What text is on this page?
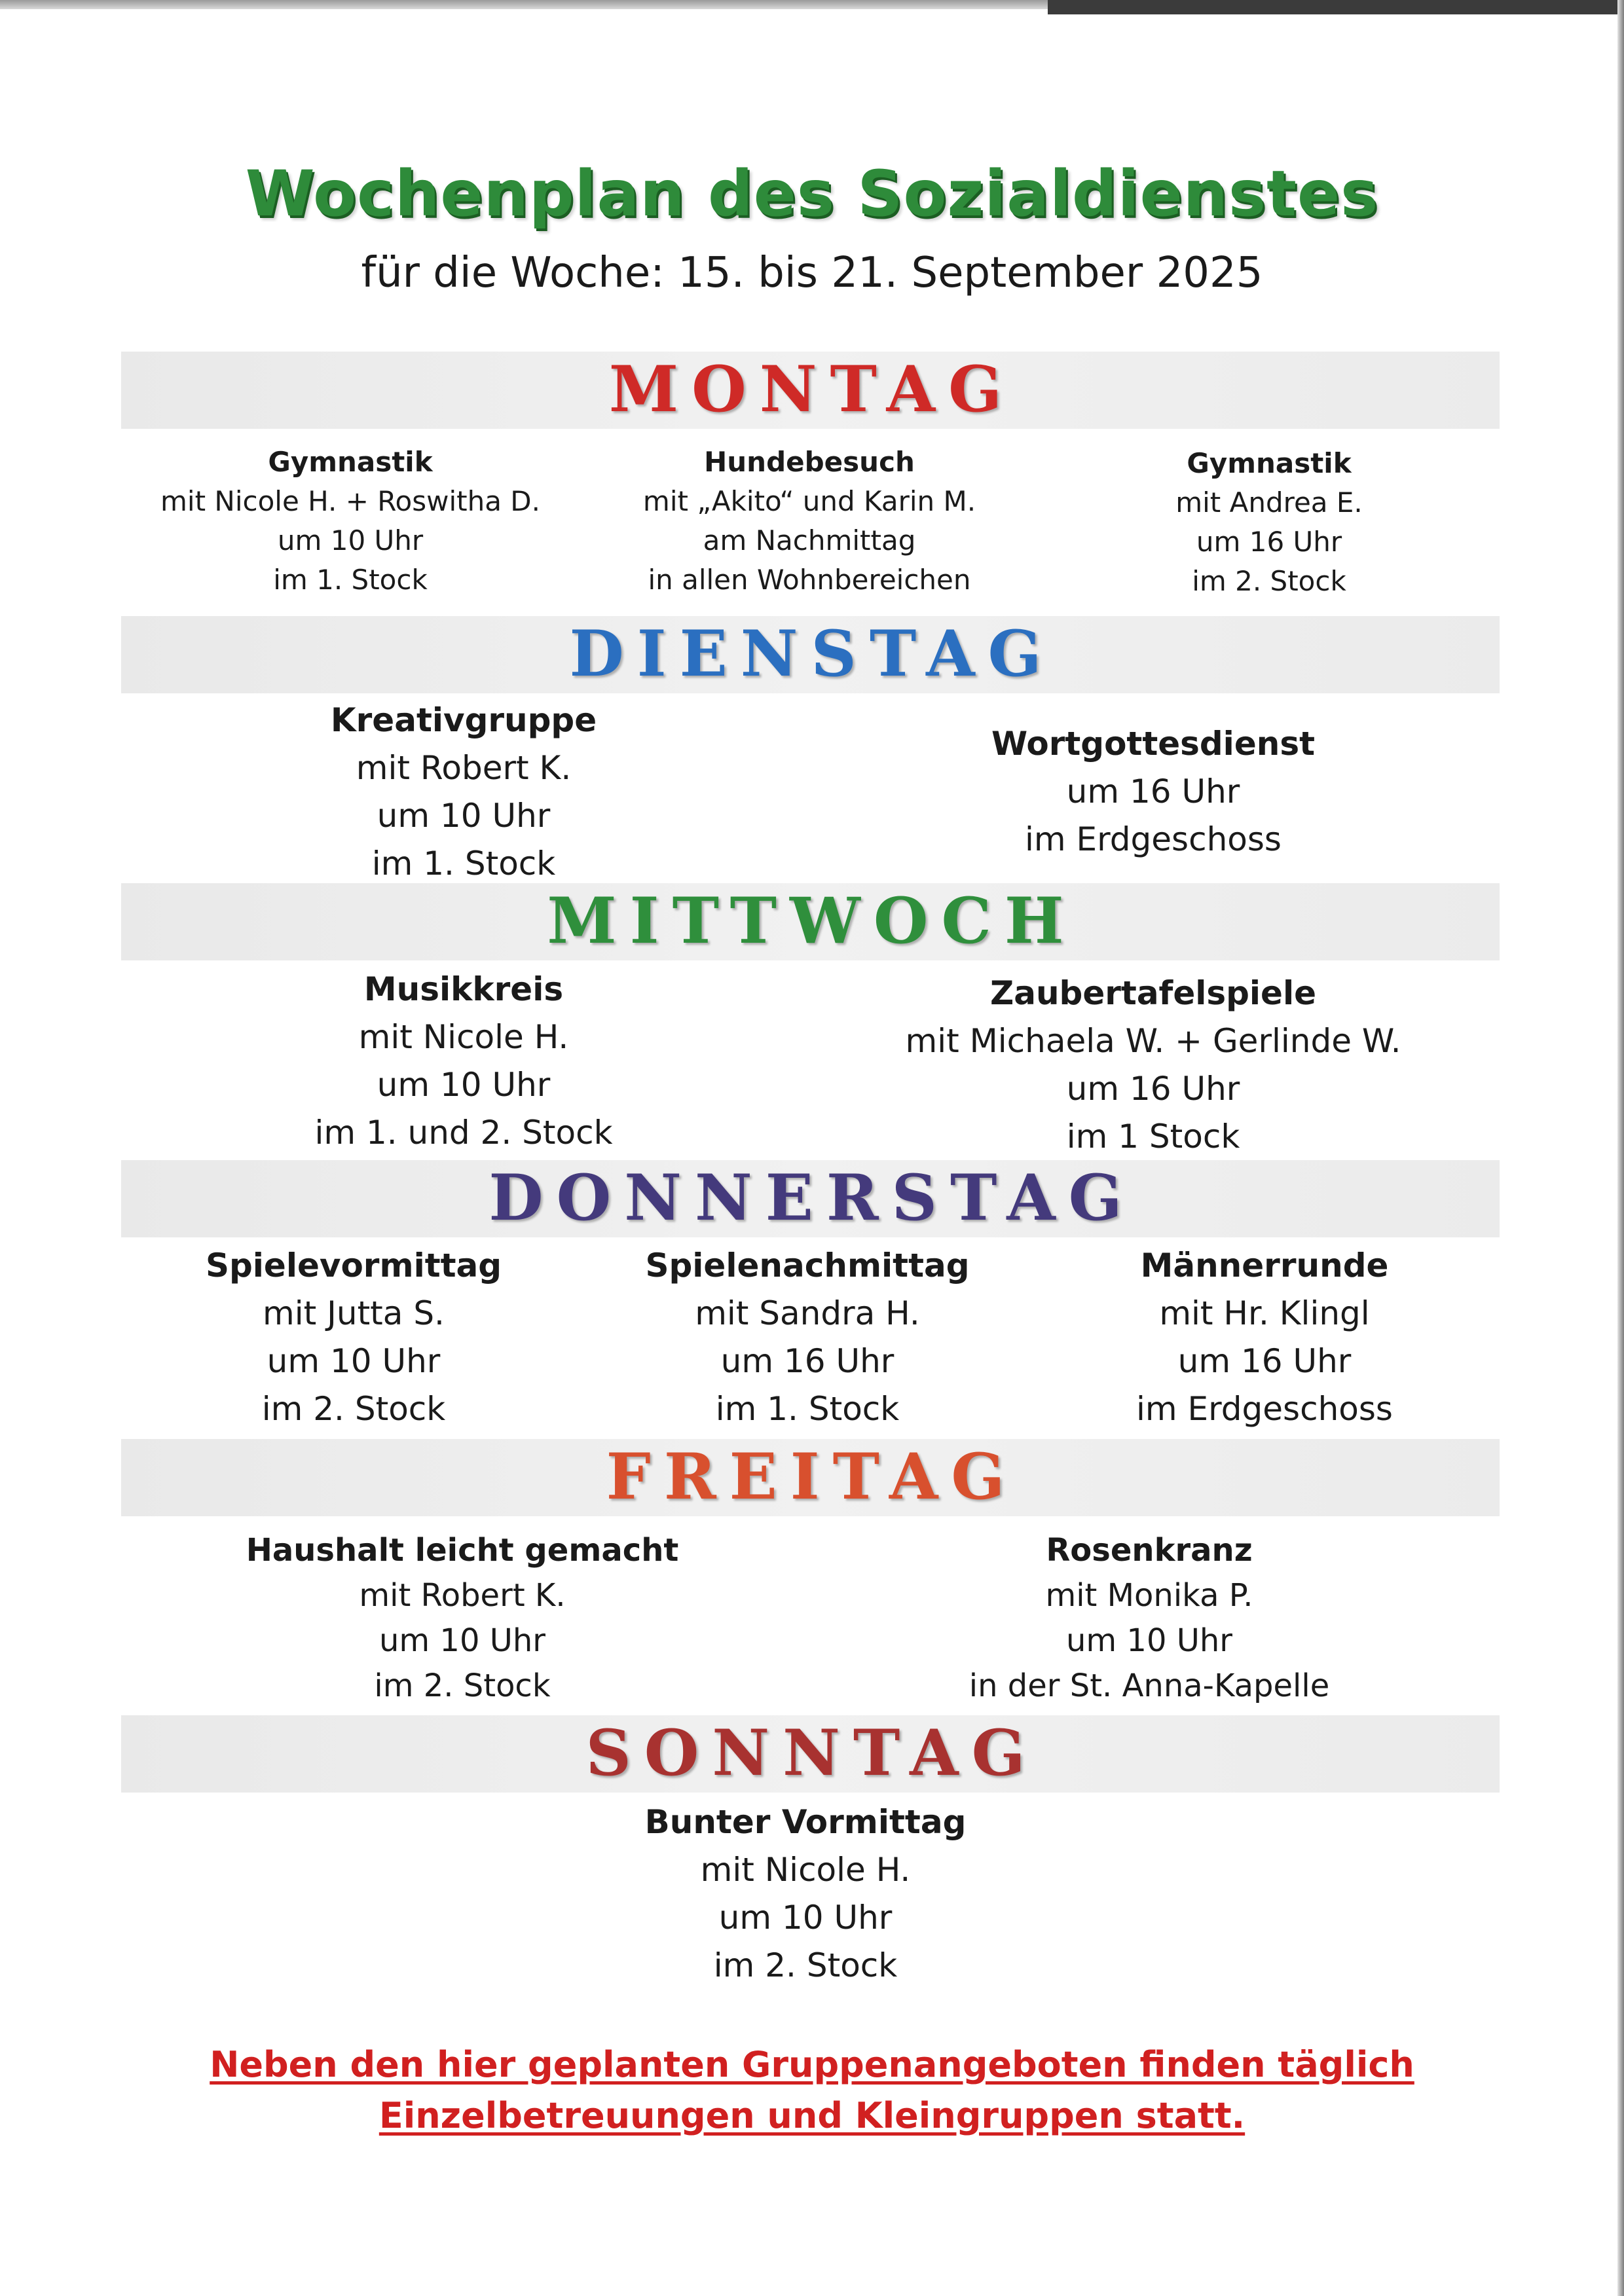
Wochenplan des Sozialdienstes
für die Woche: 15. bis 21. September 2025
MONTAG
Gymnastik
mit Nicole H. + Roswitha D.
um 10 Uhr
im 1. Stock
Hundebesuch
mit „Akito“ und Karin M.
am Nachmittag
in allen Wohnbereichen
Gymnastik
mit Andrea E.
um 16 Uhr
im 2. Stock
DIENSTAG
Kreativgruppe
mit Robert K.
um 10 Uhr
im 1. Stock
Wortgottesdienst
um 16 Uhr
im Erdgeschoss
MITTWOCH
Musikkreis
mit Nicole H.
um 10 Uhr
im 1. und 2. Stock
Zaubertafelspiele
mit Michaela W. + Gerlinde W.
um 16 Uhr
im 1 Stock
DONNERSTAG
Spielevormittag
mit Jutta S.
um 10 Uhr
im 2. Stock
Spielenachmittag
mit Sandra H.
um 16 Uhr
im 1. Stock
Männerrunde
mit Hr. Klingl
um 16 Uhr
im Erdgeschoss
FREITAG
Haushalt leicht gemacht
mit Robert K.
um 10 Uhr
im 2. Stock
Rosenkranz
mit Monika P.
um 10 Uhr
in der St. Anna-Kapelle
SONNTAG
Bunter Vormittag
mit Nicole H.
um 10 Uhr
im 2. Stock
Neben den hier geplanten Gruppenangeboten finden täglich
Einzelbetreuungen und Kleingruppen statt.
